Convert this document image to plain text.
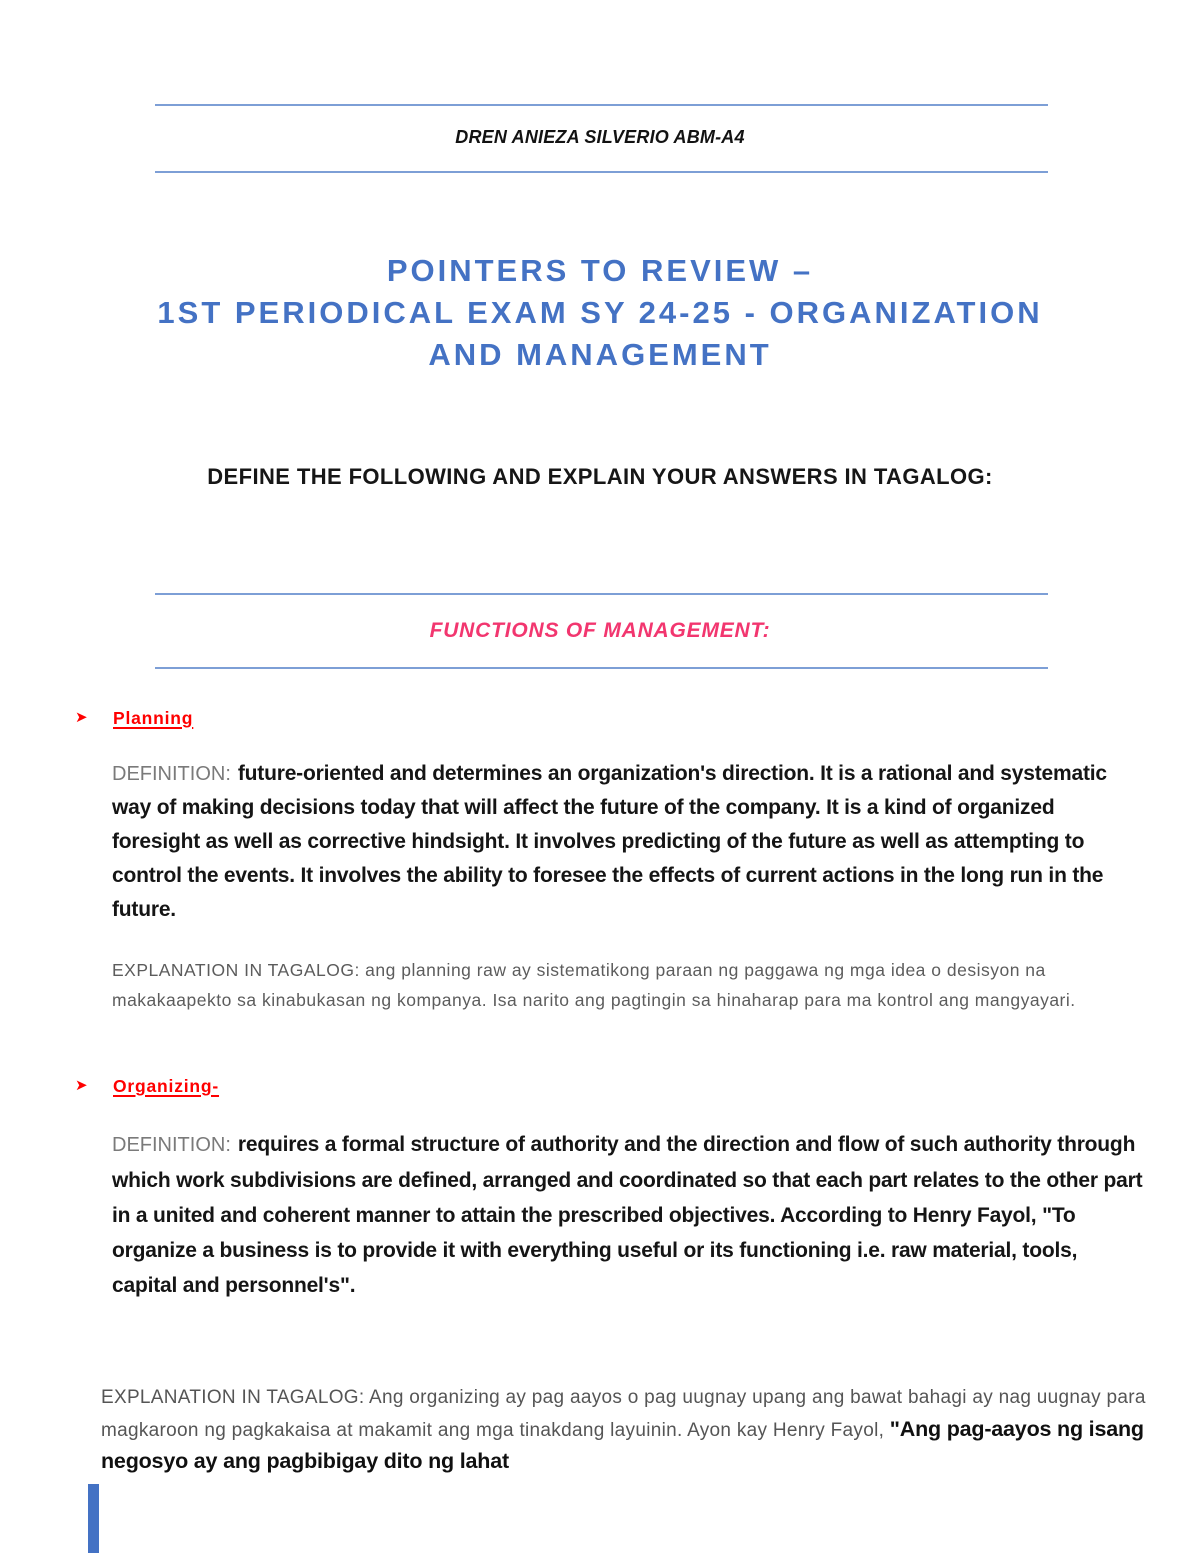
DREN ANIEZA SILVERIO ABM-A4
POINTERS TO REVIEW –
1ST PERIODICAL EXAM SY 24-25 - ORGANIZATION
AND MANAGEMENT
DEFINE THE FOLLOWING AND EXPLAIN YOUR ANSWERS IN TAGALOG:
FUNCTIONS OF MANAGEMENT:
➤	Planning

DEFINITION: future-oriented and determines an organization's direction. It is a rational and systematic way of making decisions today that will affect the future of the company. It is a kind of organized foresight as well as corrective hindsight. It involves predicting of the future as well as attempting to control the events. It involves the ability to foresee the effects of current actions in the long run in the future.

EXPLANATION IN TAGALOG: ang planning raw ay sistematikong paraan ng paggawa ng mga idea o desisyon na makakaapekto sa kinabukasan ng kompanya. Isa narito ang pagtingin sa hinaharap para ma kontrol ang mangyayari.

➤	Organizing-

DEFINITION: requires a formal structure of authority and the direction and flow of such authority through which work subdivisions are defined, arranged and coordinated so that each part relates to the other part in a united and coherent manner to attain the prescribed objectives. According to Henry Fayol, "To organize a business is to provide it with everything useful or its functioning i.e. raw material, tools, capital and personnel's".

EXPLANATION IN TAGALOG: Ang organizing ay pag aayos o pag uugnay upang ang bawat bahagi ay nag uugnay para magkaroon ng pagkakaisa at makamit ang mga tinakdang layuinin. Ayon kay Henry Fayol, "Ang pag-aayos ng isang negosyo ay ang pagbibigay dito ng lahat
